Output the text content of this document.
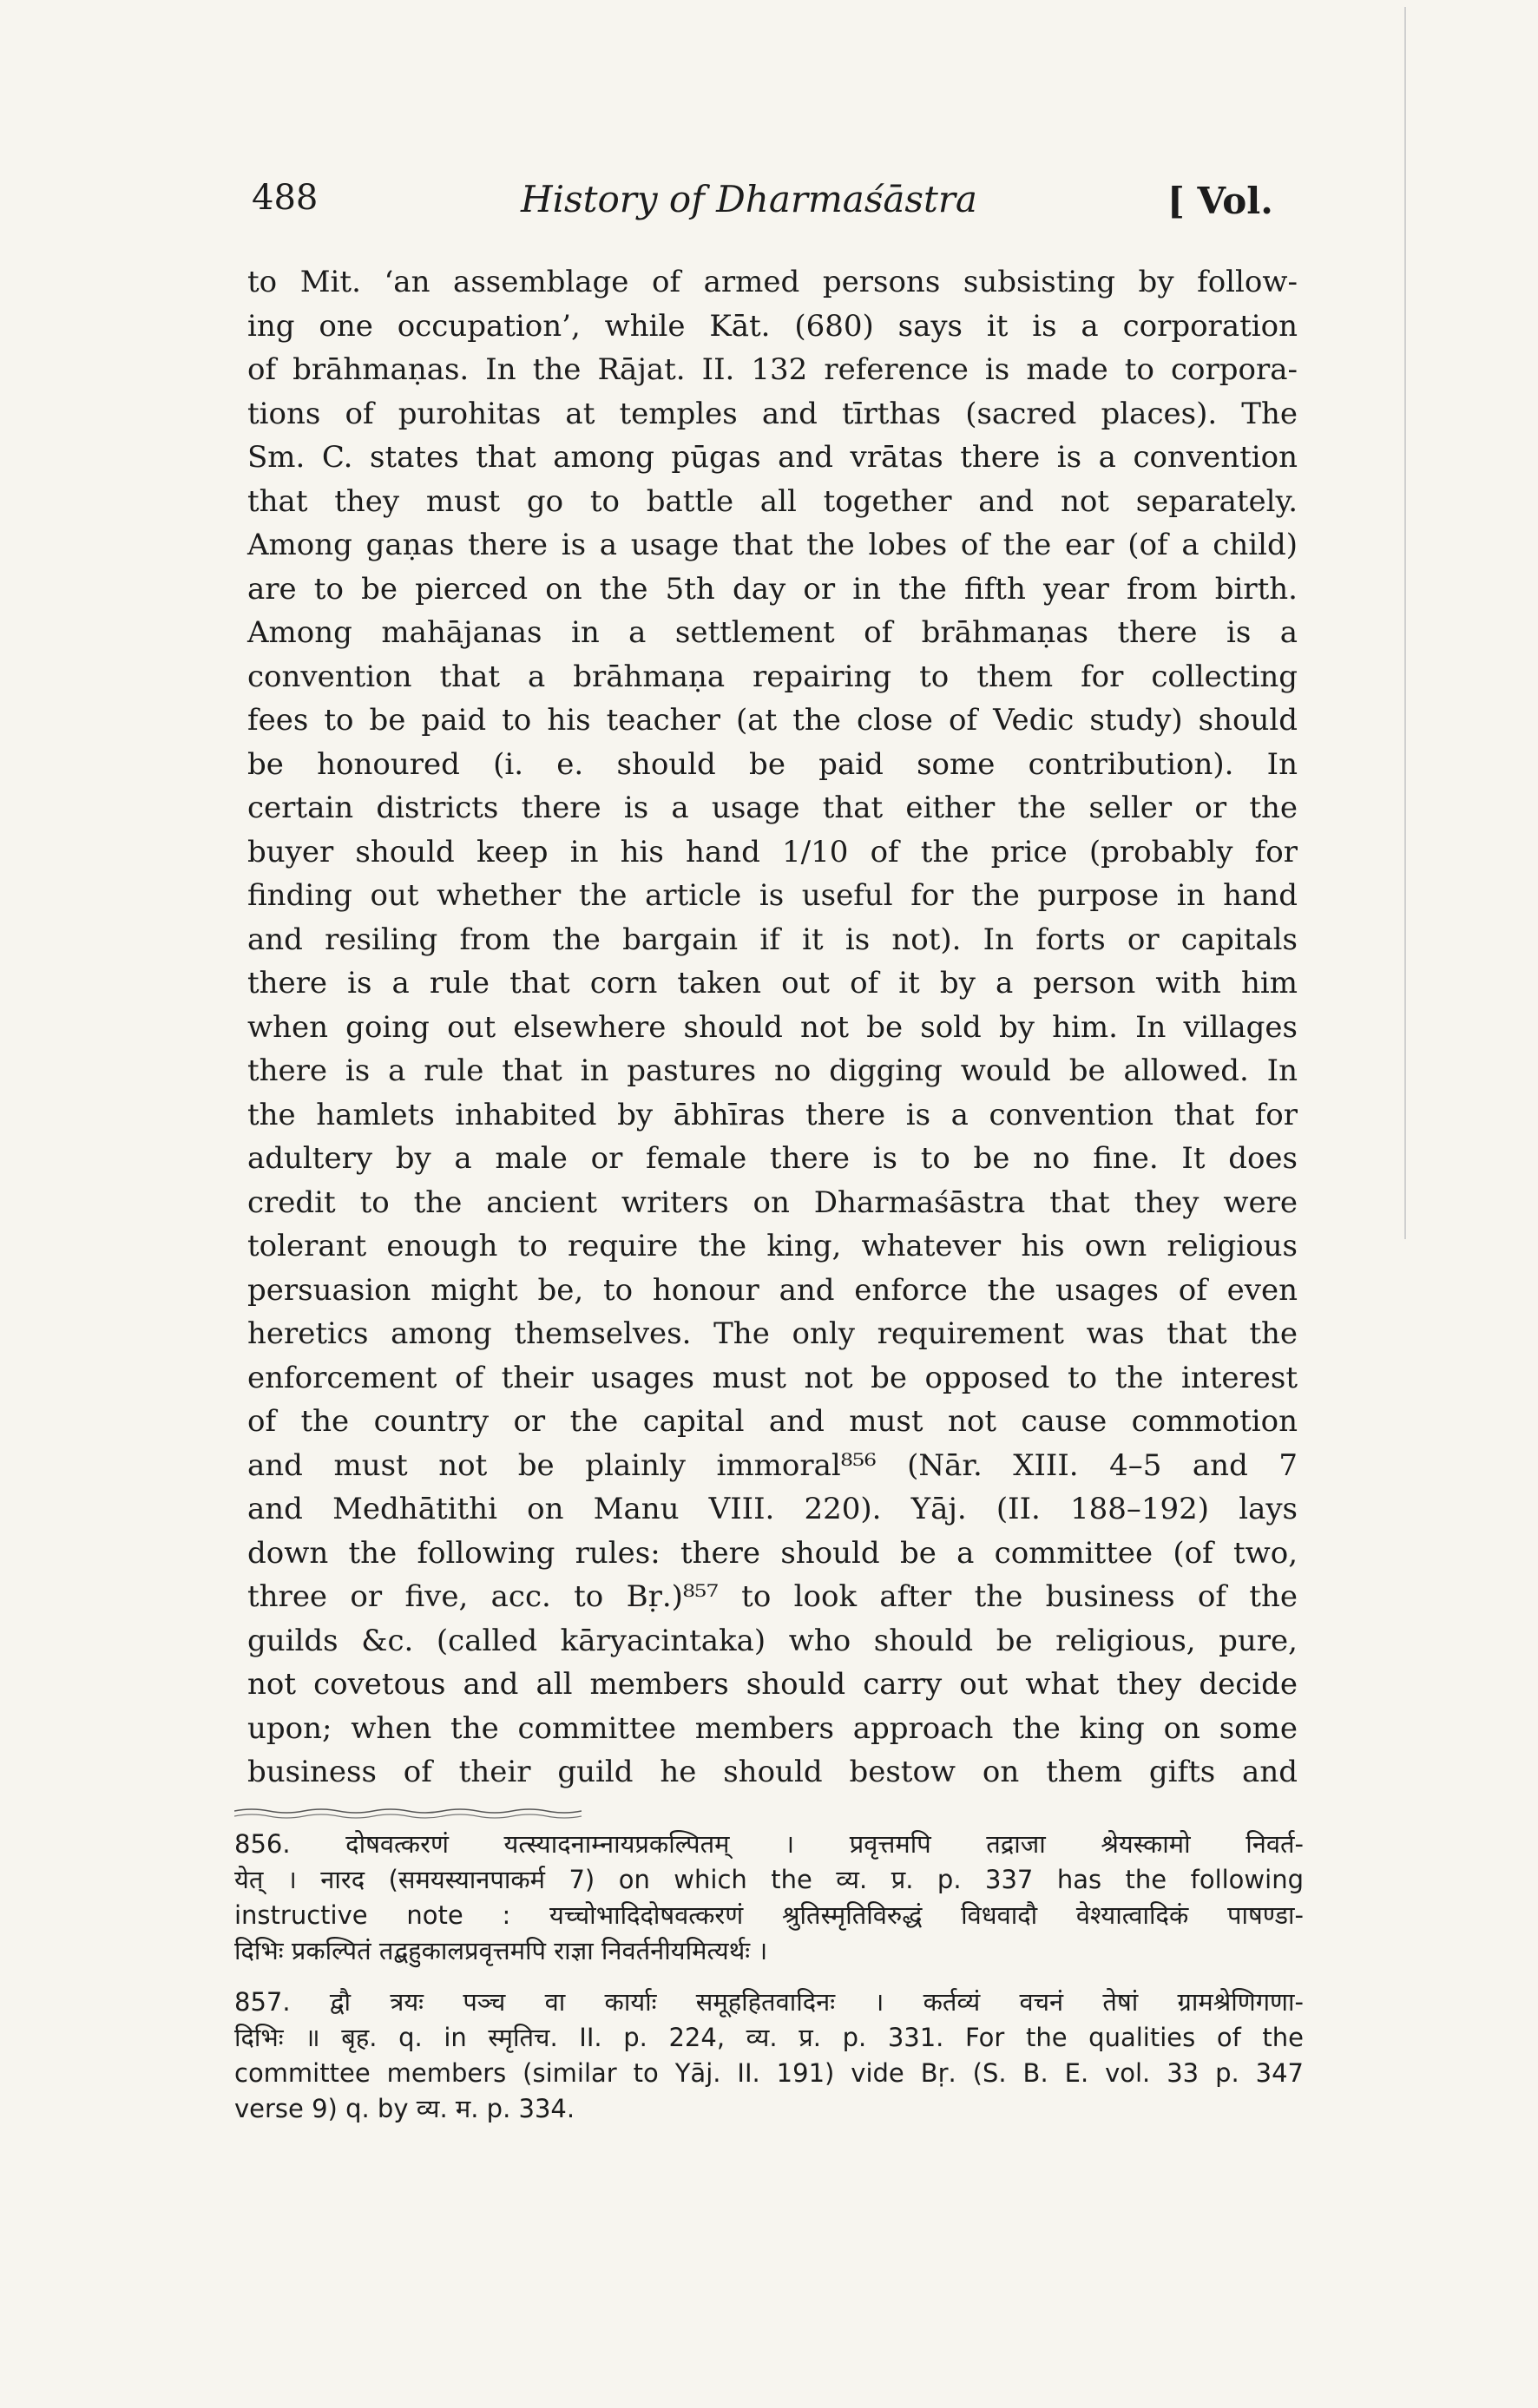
488	History of Dharmaśāstra	[ Vol.
to Mit. ‘an assemblage of armed persons subsisting by follow-
ing one occupation’, while Kāt. (680) says it is a corporation
of brāhmaṇas. In the Rājat. II. 132 reference is made to corpora-
tions of purohitas at temples and tīrthas (sacred places). The
Sm. C. states that among pūgas and vrātas there is a convention
that they must go to battle all together and not separately.
Among gaṇas there is a usage that the lobes of the ear (of a child)
are to be pierced on the 5th day or in the fifth year from birth.
Among mahājanas in a settlement of brāhmaṇas there is a
convention that a brāhmaṇa repairing to them for collecting
fees to be paid to his teacher (at the close of Vedic study) should
be honoured (i. e. should be paid some contribution). In
certain districts there is a usage that either the seller or the
buyer should keep in his hand 1/10 of the price (probably for
finding out whether the article is useful for the purpose in hand
and resiling from the bargain if it is not). In forts or capitals
there is a rule that corn taken out of it by a person with him
when going out elsewhere should not be sold by him. In villages
there is a rule that in pastures no digging would be allowed. In
the hamlets inhabited by ābhīras there is a convention that for
adultery by a male or female there is to be no fine. It does
credit to the ancient writers on Dharmaśāstra that they were
tolerant enough to require the king, whatever his own religious
persuasion might be, to honour and enforce the usages of even
heretics among themselves. The only requirement was that the
enforcement of their usages must not be opposed to the interest
of the country or the capital and must not cause commotion
and must not be plainly immoral⁸⁵⁶ (Nār. XIII. 4–5 and 7
and Medhātithi on Manu VIII. 220). Yāj. (II. 188–192) lays
down the following rules: there should be a committee (of two,
three or five, acc. to Bṛ.)⁸⁵⁷ to look after the business of the
guilds &c. (called kāryacintaka) who should be religious, pure,
not covetous and all members should carry out what they decide
upon; when the committee members approach the king on some
business of their guild he should bestow on them gifts and
856. दोषवत्करणं यत्स्यादनाम्नायप्रकल्पितम् । प्रवृत्तमपि तद्राजा श्रेयस्कामो निवर्त-
येत् । नारद (समयस्यानपाकर्म 7) on which the व्य. प्र. p. 337 has the following
instructive note : यच्चोभादिदोषवत्करणं श्रुतिस्मृतिविरुद्धं विधवादौ वेश्यात्वादिकं पाषण्डा-
दिभिः प्रकल्पितं तद्बहुकालप्रवृत्तमपि राज्ञा निवर्तनीयमित्यर्थः ।
857. द्वौ त्रयः पञ्च वा कार्याः समूहहितवादिनः । कर्तव्यं वचनं तेषां ग्रामश्रेणिगणा-
दिभिः ॥ बृह. q. in स्मृतिच. II. p. 224, व्य. प्र. p. 331. For the qualities of the
committee members (similar to Yāj. II. 191) vide Bṛ. (S. B. E. vol. 33 p. 347
verse 9) q. by व्य. म. p. 334.
